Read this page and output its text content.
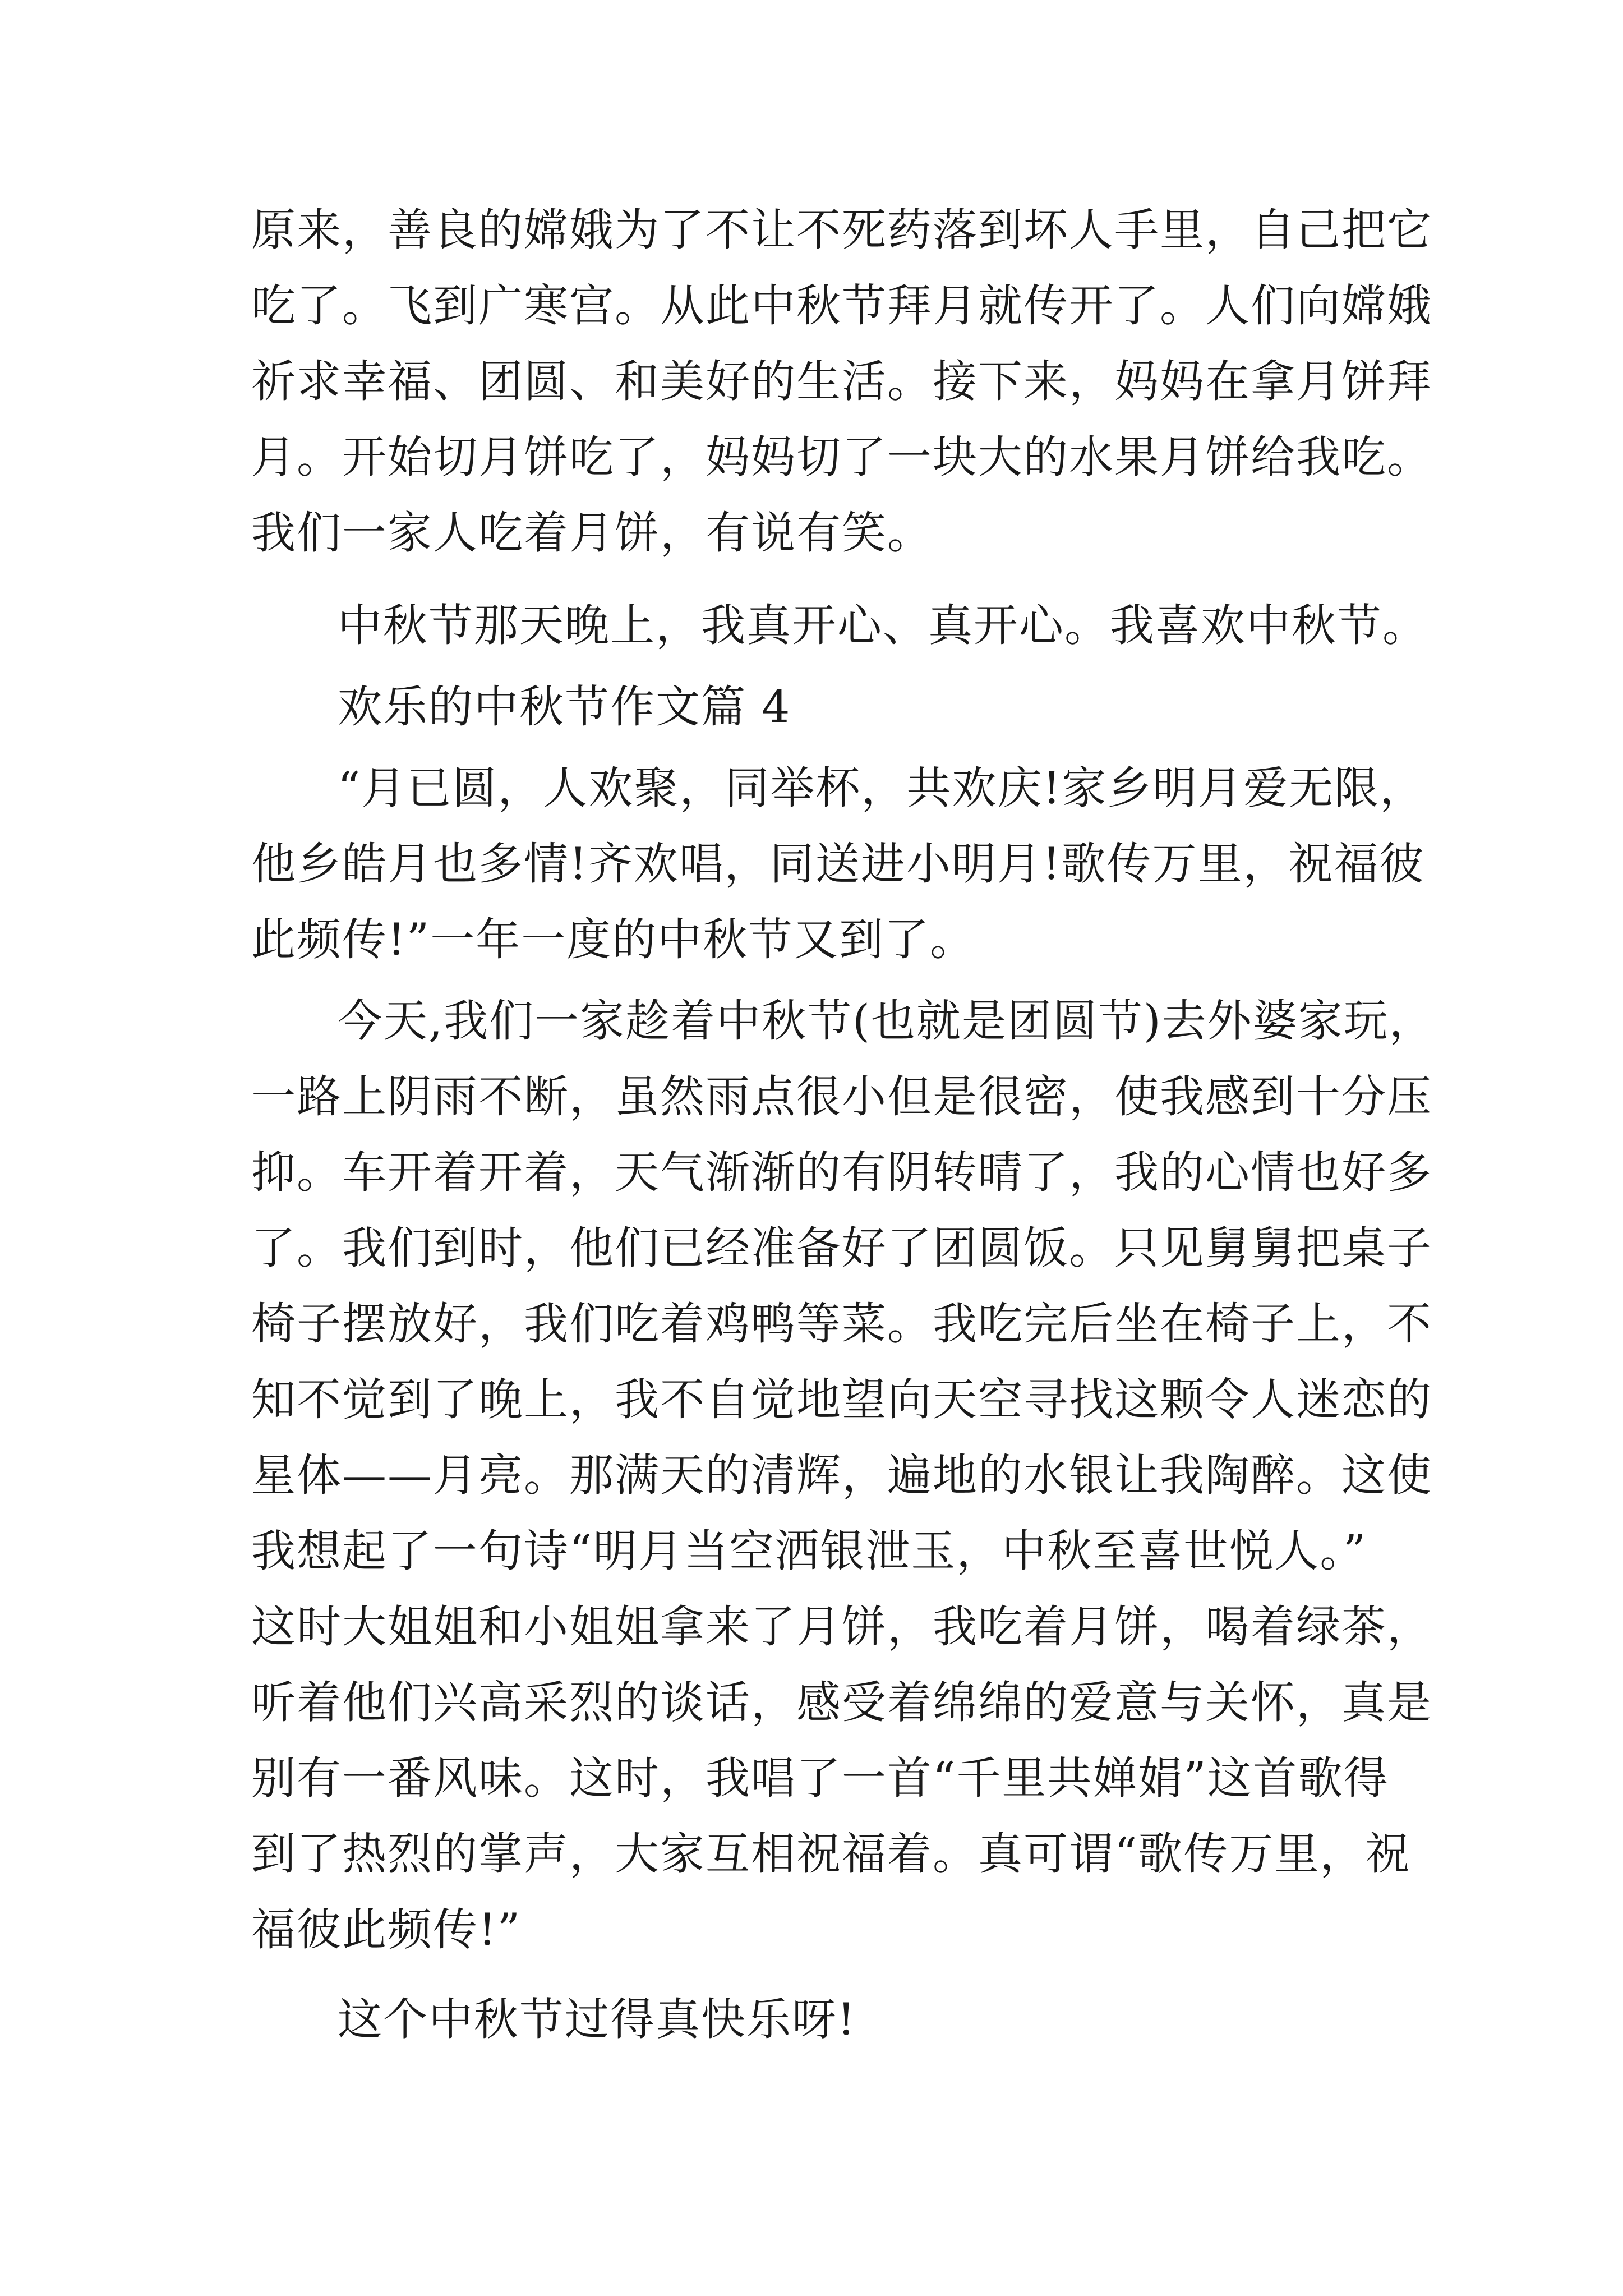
原来，善良的嫦娥为了不让不死药落到坏人手里，自己把它
吃了。飞到广寒宫。从此中秋节拜月就传开了。人们向嫦娥
祈求幸福、团圆、和美好的生活。接下来，妈妈在拿月饼拜
月。开始切月饼吃了，妈妈切了一块大的水果月饼给我吃。
我们一家人吃着月饼，有说有笑。
中秋节那天晚上，我真开心、真开心。我喜欢中秋节。
欢乐的中秋节作文篇 4
“月已圆，人欢聚，同举杯，共欢庆!家乡明月爱无限，
他乡皓月也多情!齐欢唱，同送进小明月!歌传万里，祝福彼
此频传!”一年一度的中秋节又到了。
今天,我们一家趁着中秋节(也就是团圆节)去外婆家玩，
一路上阴雨不断，虽然雨点很小但是很密，使我感到十分压
抑。车开着开着，天气渐渐的有阴转晴了，我的心情也好多
了。我们到时，他们已经准备好了团圆饭。只见舅舅把桌子
椅子摆放好，我们吃着鸡鸭等菜。我吃完后坐在椅子上，不
知不觉到了晚上，我不自觉地望向天空寻找这颗令人迷恋的
星体——月亮。那满天的清辉，遍地的水银让我陶醉。这使
我想起了一句诗“明月当空洒银泄玉，中秋至喜世悦人。”
这时大姐姐和小姐姐拿来了月饼，我吃着月饼，喝着绿茶，
听着他们兴高采烈的谈话，感受着绵绵的爱意与关怀，真是
别有一番风味。这时，我唱了一首“千里共婵娟”这首歌得
到了热烈的掌声，大家互相祝福着。真可谓“歌传万里，祝
福彼此频传!”
这个中秋节过得真快乐呀!
